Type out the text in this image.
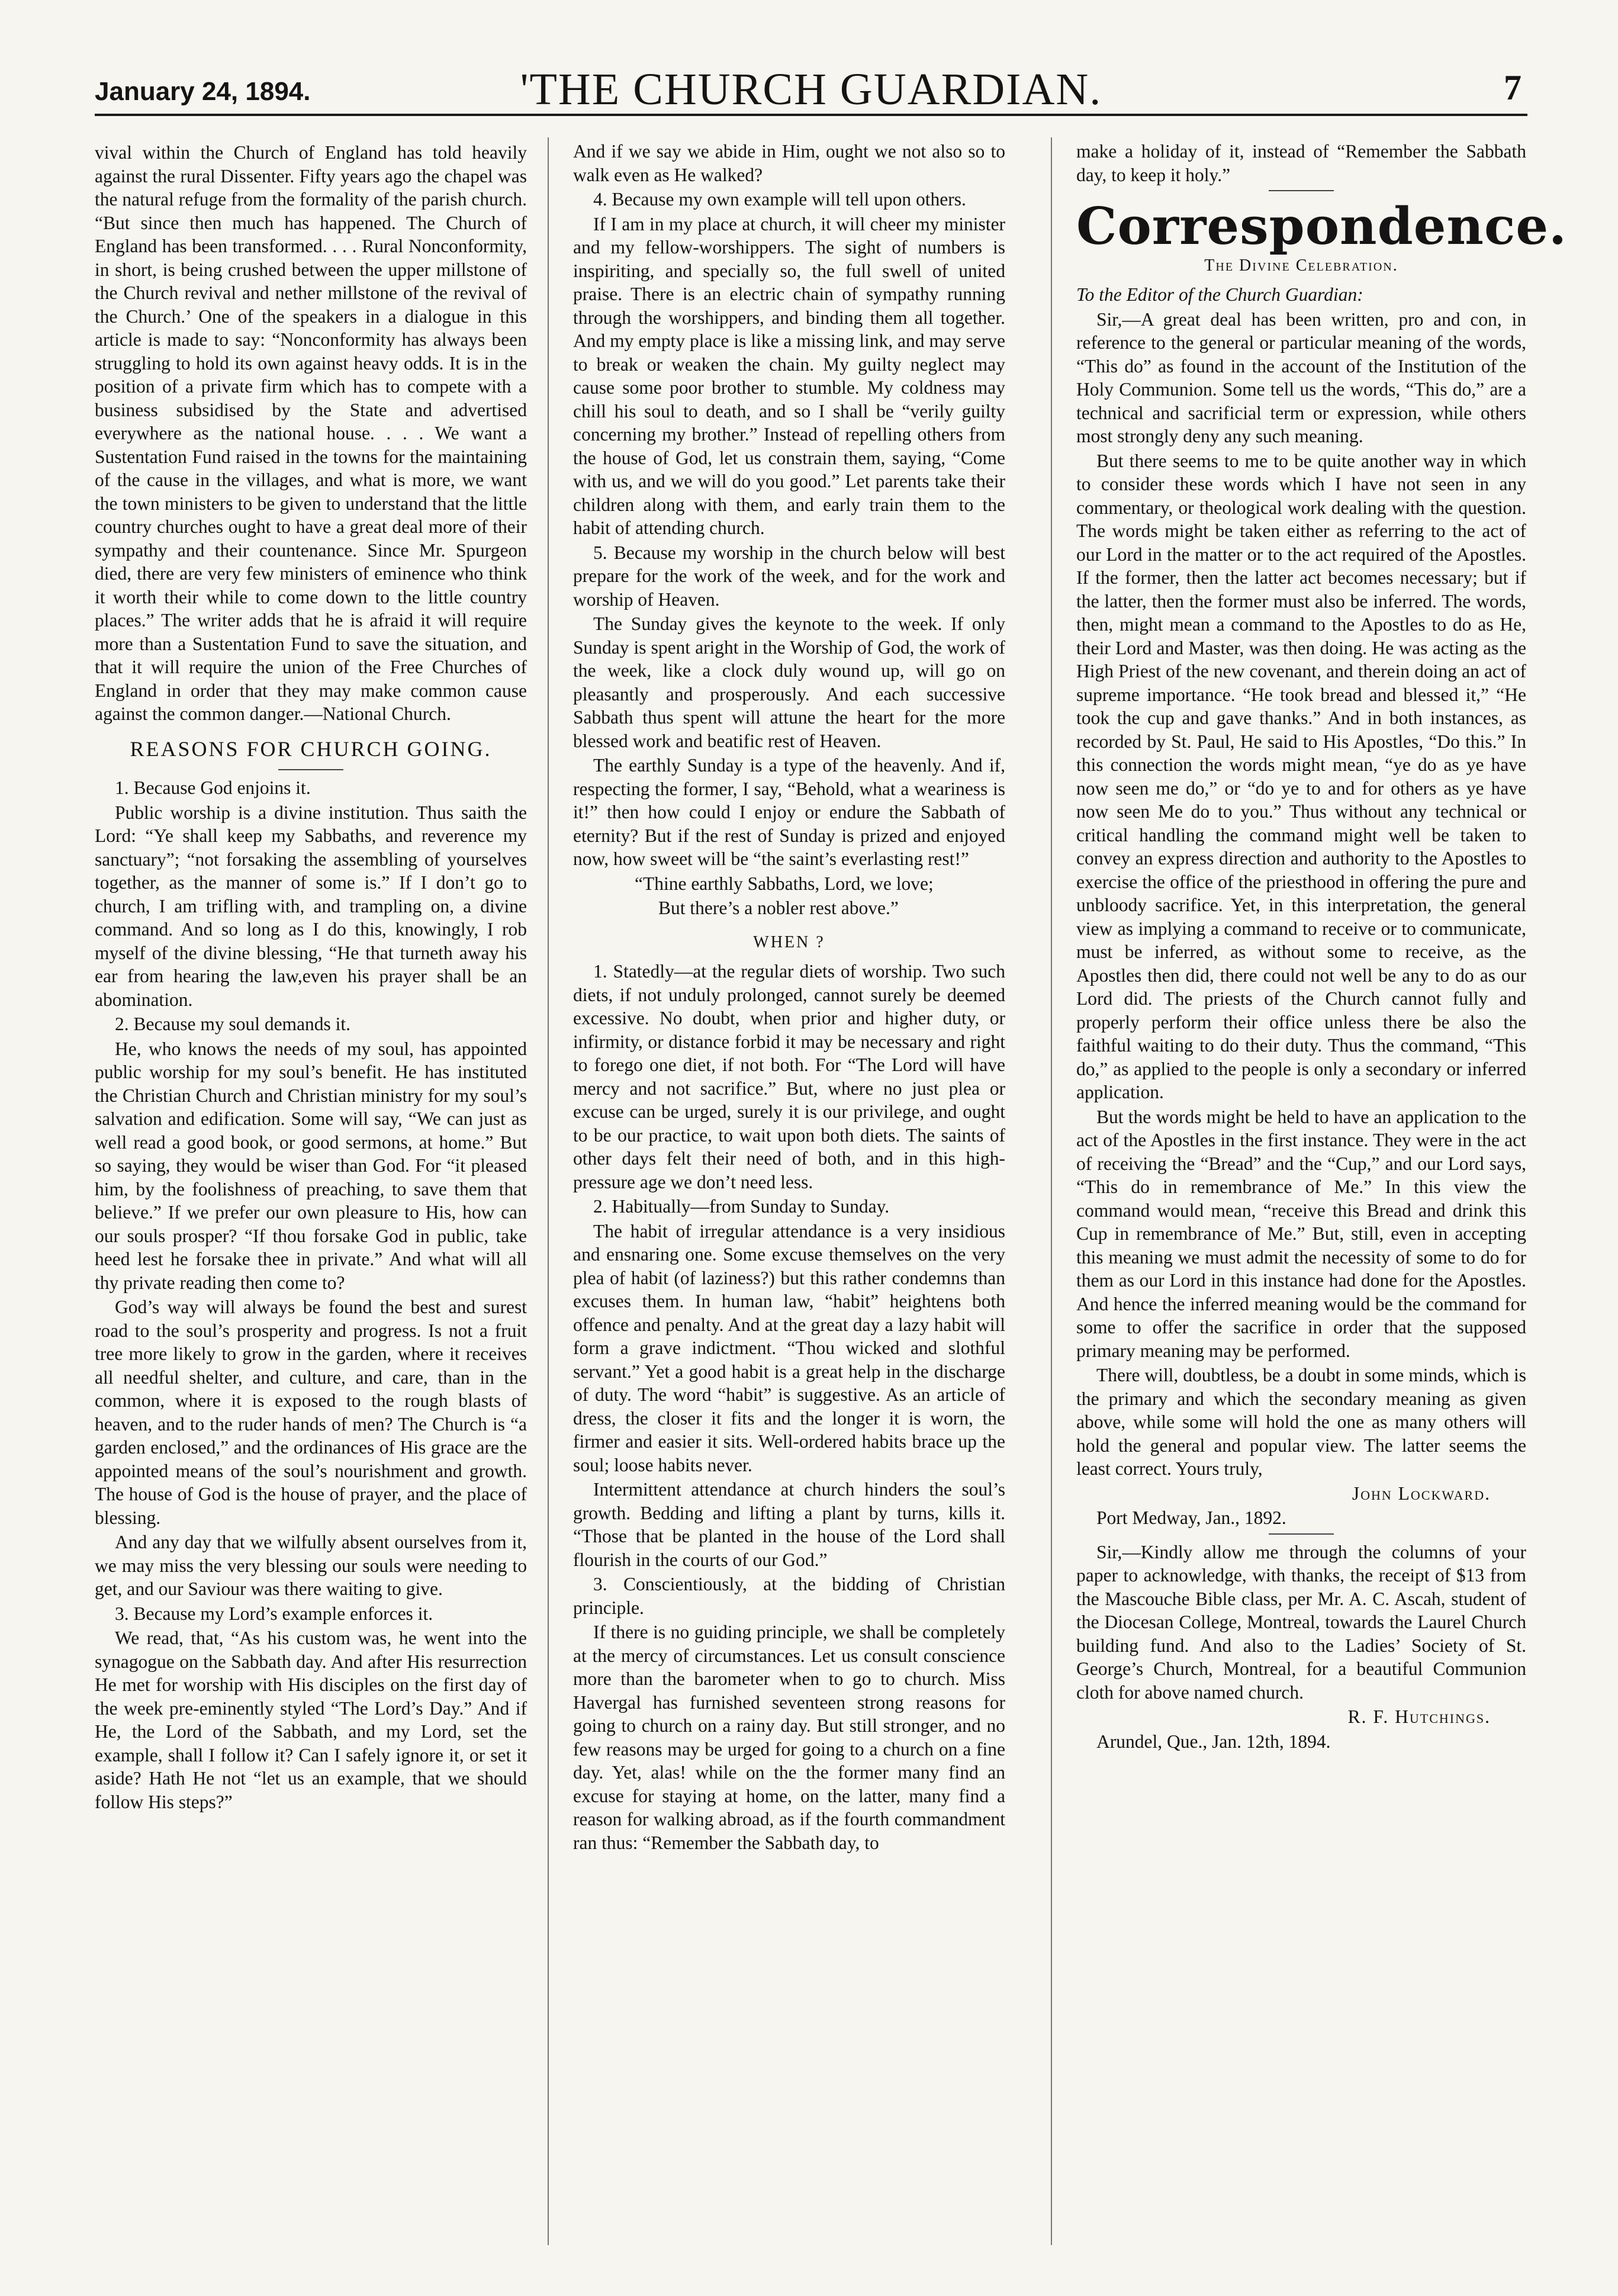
January 24, 1894.	'THE CHURCH GUARDIAN.	7

vival within the Church of England has told heavily against the rural Dissenter. Fifty years ago the chapel was the natural refuge from the formality of the parish church. “But since then much has happened. The Church of England has been transformed. . . . Rural Nonconformity, in short, is being crushed between the upper millstone of the Church revival and nether millstone of the revival of the Church.’ One of the speakers in a dialogue in this article is made to say: “Nonconformity has always been struggling to hold its own against heavy odds. It is in the position of a private firm which has to compete with a business subsidised by the State and advertised everywhere as the national house. . . . We want a Sustentation Fund raised in the towns for the maintaining of the cause in the villages, and what is more, we want the town ministers to be given to understand that the little country churches ought to have a great deal more of their sympathy and their countenance. Since Mr. Spurgeon died, there are very few ministers of eminence who think it worth their while to come down to the little country places.” The writer adds that he is afraid it will require more than a Sustentation Fund to save the situation, and that it will require the union of the Free Churches of England in order that they may make common cause against the common danger.—National Church.

REASONS FOR CHURCH GOING.

1. Because God enjoins it.

Public worship is a divine institution. Thus saith the Lord: “Ye shall keep my Sabbaths, and reverence my sanctuary”; “not forsaking the assembling of yourselves together, as the manner of some is.” If I don’t go to church, I am trifling with, and trampling on, a divine command. And so long as I do this, knowingly, I rob myself of the divine blessing, “He that turneth away his ear from hearing the law,even his prayer shall be an abomination.

2. Because my soul demands it.

He, who knows the needs of my soul, has appointed public worship for my soul’s benefit. He has instituted the Christian Church and Christian ministry for my soul’s salvation and edification. Some will say, “We can just as well read a good book, or good sermons, at home.” But so saying, they would be wiser than God. For “it pleased him, by the foolishness of preaching, to save them that believe.” If we prefer our own pleasure to His, how can our souls prosper? “If thou forsake God in public, take heed lest he forsake thee in private.” And what will all thy private reading then come to?

God’s way will always be found the best and surest road to the soul’s prosperity and progress. Is not a fruit tree more likely to grow in the garden, where it receives all needful shelter, and culture, and care, than in the common, where it is exposed to the rough blasts of heaven, and to the ruder hands of men? The Church is “a garden enclosed,” and the ordinances of His grace are the appointed means of the soul’s nourishment and growth. The house of God is the house of prayer, and the place of blessing.

And any day that we wilfully absent ourselves from it, we may miss the very blessing our souls were needing to get, and our Saviour was there waiting to give.

3. Because my Lord’s example enforces it.

We read, that, “As his custom was, he went into the synagogue on the Sabbath day. And after His resurrection He met for worship with His disciples on the first day of the week pre-eminently styled “The Lord’s Day.” And if He, the Lord of the Sabbath, and my Lord, set the example, shall I follow it? Can I safely ignore it, or set it aside? Hath He not “let us an example, that we should follow His steps?”

And if we say we abide in Him, ought we not also so to walk even as He walked?

4. Because my own example will tell upon others.

If I am in my place at church, it will cheer my minister and my fellow-worshippers. The sight of numbers is inspiriting, and specially so, the full swell of united praise. There is an electric chain of sympathy running through the worshippers, and binding them all together. And my empty place is like a missing link, and may serve to break or weaken the chain. My guilty neglect may cause some poor brother to stumble. My coldness may chill his soul to death, and so I shall be “verily guilty concerning my brother.” Instead of repelling others from the house of God, let us constrain them, saying, “Come with us, and we will do you good.” Let parents take their children along with them, and early train them to the habit of attending church.

5. Because my worship in the church below will best prepare for the work of the week, and for the work and worship of Heaven.

The Sunday gives the keynote to the week. If only Sunday is spent aright in the Worship of God, the work of the week, like a clock duly wound up, will go on pleasantly and prosperously. And each successive Sabbath thus spent will attune the heart for the more blessed work and beatific rest of Heaven.

The earthly Sunday is a type of the heavenly. And if, respecting the former, I say, “Behold, what a weariness is it!” then how could I enjoy or endure the Sabbath of eternity? But if the rest of Sunday is prized and enjoyed now, how sweet will be “the saint’s everlasting rest!”

“Thine earthly Sabbaths, Lord, we love;

But there’s a nobler rest above.”

WHEN ?

1. Statedly—at the regular diets of worship. Two such diets, if not unduly prolonged, cannot surely be deemed excessive. No doubt, when prior and higher duty, or infirmity, or distance forbid it may be necessary and right to forego one diet, if not both. For “The Lord will have mercy and not sacrifice.” But, where no just plea or excuse can be urged, surely it is our privilege, and ought to be our practice, to wait upon both diets. The saints of other days felt their need of both, and in this high-pressure age we don’t need less.

2. Habitually—from Sunday to Sunday.

The habit of irregular attendance is a very insidious and ensnaring one. Some excuse themselves on the very plea of habit (of laziness?) but this rather condemns than excuses them. In human law, “habit” heightens both offence and penalty. And at the great day a lazy habit will form a grave indictment. “Thou wicked and slothful servant.” Yet a good habit is a great help in the discharge of duty. The word “habit” is suggestive. As an article of dress, the closer it fits and the longer it is worn, the firmer and easier it sits. Well-ordered habits brace up the soul; loose habits never.

Intermittent attendance at church hinders the soul’s growth. Bedding and lifting a plant by turns, kills it. “Those that be planted in the house of the Lord shall flourish in the courts of our God.”

3. Conscientiously, at the bidding of Christian principle.

If there is no guiding principle, we shall be completely at the mercy of circumstances. Let us consult conscience more than the barometer when to go to church. Miss Havergal has furnished seventeen strong reasons for going to church on a rainy day. But still stronger, and no few reasons may be urged for going to a church on a fine day. Yet, alas! while on the the former many find an excuse for staying at home, on the latter, many find a reason for walking abroad, as if the fourth commandment ran thus: “Remember the Sabbath day, to

make a holiday of it, instead of “Remember the Sabbath day, to keep it holy.”

Correspondence.
The Divine Celebration.

To the Editor of the Church Guardian:

Sir,—A great deal has been written, pro and con, in reference to the general or particular meaning of the words, “This do” as found in the account of the Institution of the Holy Communion. Some tell us the words, “This do,” are a technical and sacrificial term or expression, while others most strongly deny any such meaning.

But there seems to me to be quite another way in which to consider these words which I have not seen in any commentary, or theological work dealing with the question. The words might be taken either as referring to the act of our Lord in the matter or to the act required of the Apostles. If the former, then the latter act becomes necessary; but if the latter, then the former must also be inferred. The words, then, might mean a command to the Apostles to do as He, their Lord and Master, was then doing. He was acting as the High Priest of the new covenant, and therein doing an act of supreme importance. “He took bread and blessed it,” “He took the cup and gave thanks.” And in both instances, as recorded by St. Paul, He said to His Apostles, “Do this.” In this connection the words might mean, “ye do as ye have now seen me do,” or “do ye to and for others as ye have now seen Me do to you.” Thus without any technical or critical handling the command might well be taken to convey an express direction and authority to the Apostles to exercise the office of the priesthood in offering the pure and unbloody sacrifice. Yet, in this interpretation, the general view as implying a command to receive or to communicate, must be inferred, as without some to receive, as the Apostles then did, there could not well be any to do as our Lord did. The priests of the Church cannot fully and properly perform their office unless there be also the faithful waiting to do their duty. Thus the command, “This do,” as applied to the people is only a secondary or inferred application.

But the words might be held to have an application to the act of the Apostles in the first instance. They were in the act of receiving the “Bread” and the “Cup,” and our Lord says, “This do in remembrance of Me.” In this view the command would mean, “receive this Bread and drink this Cup in remembrance of Me.” But, still, even in accepting this meaning we must admit the necessity of some to do for them as our Lord in this instance had done for the Apostles. And hence the inferred meaning would be the command for some to offer the sacrifice in order that the supposed primary meaning may be performed.

There will, doubtless, be a doubt in some minds, which is the primary and which the secondary meaning as given above, while some will hold the one as many others will hold the general and popular view. The latter seems the least correct. Yours truly,

John Lockward.

Port Medway, Jan., 1892.

Sir,—Kindly allow me through the columns of your paper to acknowledge, with thanks, the receipt of $13 from the Mascouche Bible class, per Mr. A. C. Ascah, student of the Diocesan College, Montreal, towards the Laurel Church building fund. And also to the Ladies’ Society of St. George’s Church, Montreal, for a beautiful Communion cloth for above named church.

R. F. Hutchings.

Arundel, Que., Jan. 12th, 1894.
